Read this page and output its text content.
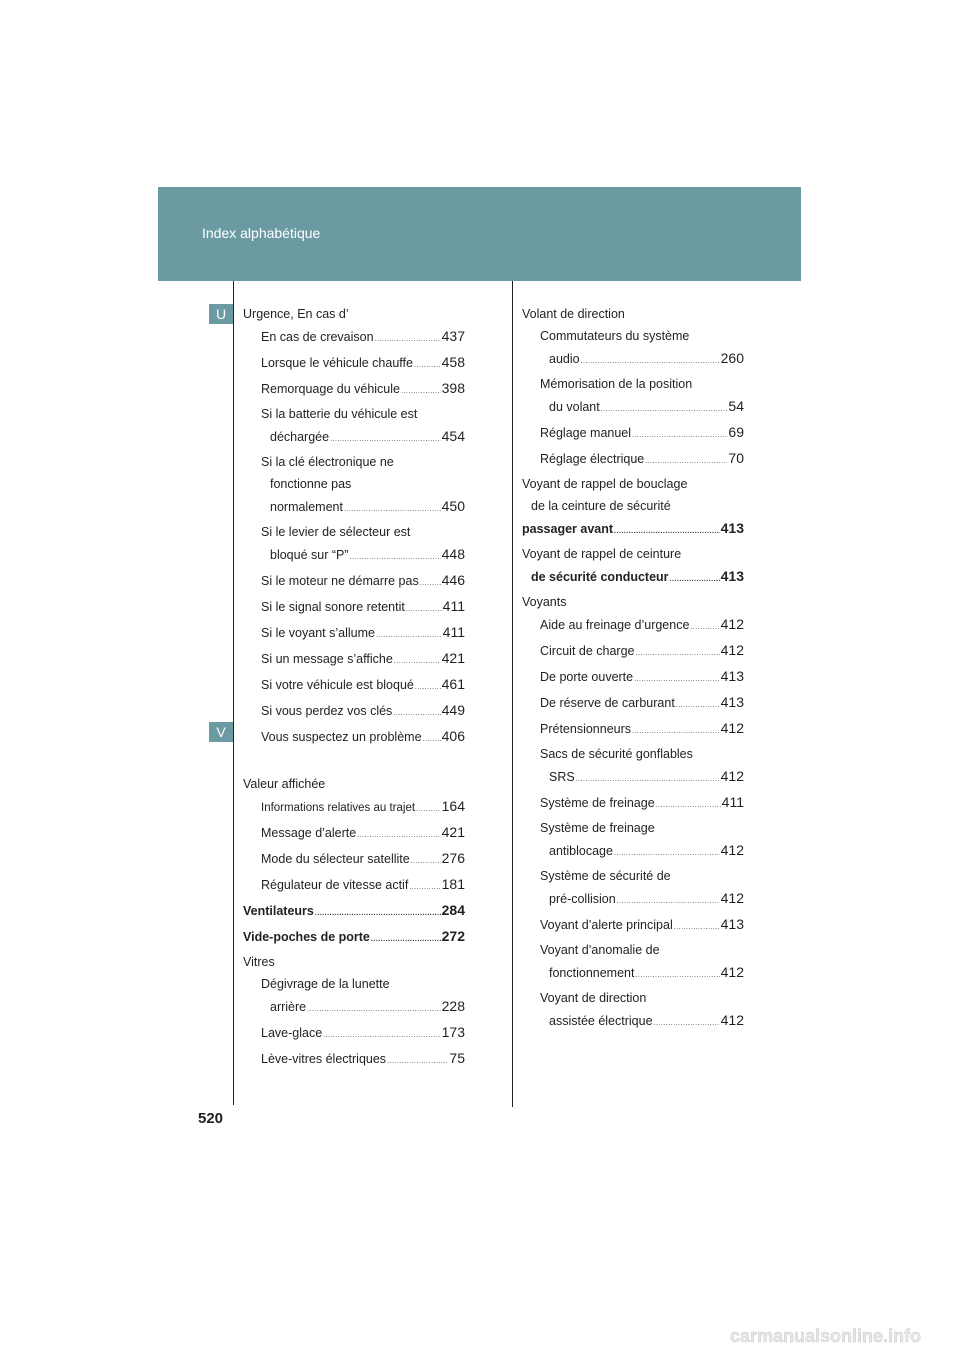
Index alphabétique
U
V
Urgence, En cas d’
En cas de crevaison .....	437
Lorsque le véhicule chauffe ..... 458
Remorquage du véhicule .....	398
Si la batterie du véhicule est
déchargée .....	454
Si la clé électronique ne
fonctionne pas
normalement .....	450
Si le levier de sélecteur est
bloqué sur “P” .....	448
Si le moteur ne démarre pas ..... 446
Si le signal sonore retentit .....	411
Si le voyant s’allume .....	411
Si un message s’affiche .....	421
Si votre véhicule est bloqué ..... 461
Si vous perdez vos clés .....	449
Vous suspectez un problème ..... 406
Valeur affichée
Informations relatives au trajet ..... 164
Message d’alerte .....	421
Mode du sélecteur satellite ..... 276
Régulateur de vitesse actif ..... 181
Ventilateurs .....	284
Vide-poches de porte .....	272
Vitres
Dégivrage de la lunette
arrière .....	228
Lave-glace .....	173
Lève-vitres électriques .....	75
Volant de direction
Commutateurs du système
audio .....	260
Mémorisation de la position
du volant .....	54
Réglage manuel .....	69
Réglage électrique .....	70
Voyant de rappel de bouclage
de la ceinture de sécurité
passager avant .....	413
Voyant de rappel de ceinture
de sécurité conducteur .....	413
Voyants
Aide au freinage d’urgence ..... 412
Circuit de charge .....	412
De porte ouverte .....	413
De réserve de carburant .....	413
Prétensionneurs .....	412
Sacs de sécurité gonflables
SRS .....	412
Système de freinage .....	411
Système de freinage
antiblocage .....	412
Système de sécurité de
pré-collision .....	412
Voyant d’alerte principal .....	413
Voyant d’anomalie de
fonctionnement .....	412
Voyant de direction
assistée électrique .....	412
520
carmanualsonline.info
